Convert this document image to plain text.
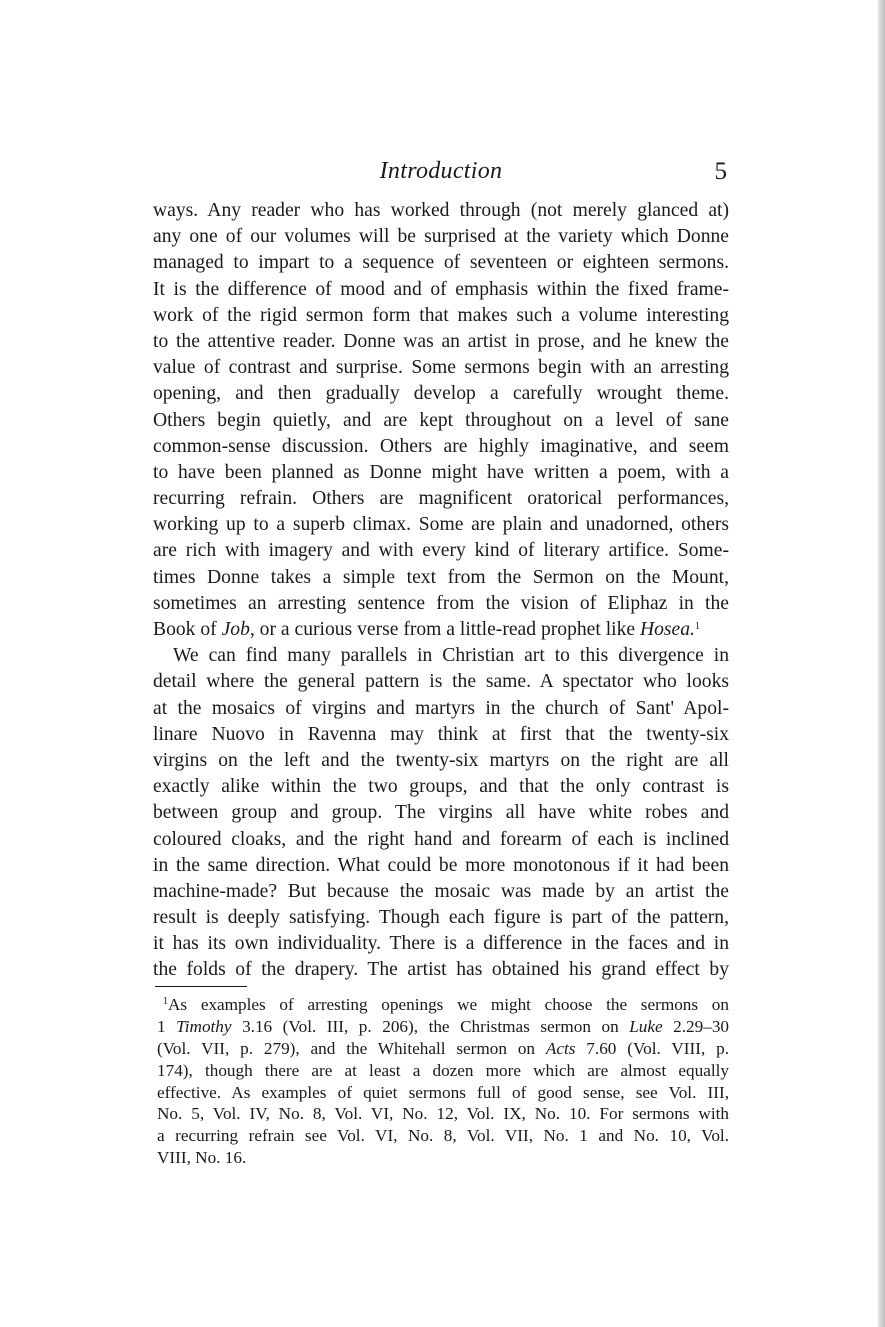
Introduction	5
ways. Any reader who has worked through (not merely glanced at)
any one of our volumes will be surprised at the variety which Donne
managed to impart to a sequence of seventeen or eighteen sermons.
It is the difference of mood and of emphasis within the fixed frame-
work of the rigid sermon form that makes such a volume interesting
to the attentive reader. Donne was an artist in prose, and he knew the
value of contrast and surprise. Some sermons begin with an arresting
opening, and then gradually develop a carefully wrought theme.
Others begin quietly, and are kept throughout on a level of sane
common-sense discussion. Others are highly imaginative, and seem
to have been planned as Donne might have written a poem, with a
recurring refrain. Others are magnificent oratorical performances,
working up to a superb climax. Some are plain and unadorned, others
are rich with imagery and with every kind of literary artifice. Some-
times Donne takes a simple text from the Sermon on the Mount,
sometimes an arresting sentence from the vision of Eliphaz in the
Book of Job, or a curious verse from a little-read prophet like Hosea.$^1$
We can find many parallels in Christian art to this divergence in
detail where the general pattern is the same. A spectator who looks
at the mosaics of virgins and martyrs in the church of Sant' Apol-
linare Nuovo in Ravenna may think at first that the twenty-six
virgins on the left and the twenty-six martyrs on the right are all
exactly alike within the two groups, and that the only contrast is
between group and group. The virgins all have white robes and
coloured cloaks, and the right hand and forearm of each is inclined
in the same direction. What could be more monotonous if it had been
machine-made? But because the mosaic was made by an artist the
result is deeply satisfying. Though each figure is part of the pattern,
it has its own individuality. There is a difference in the faces and in
the folds of the drapery. The artist has obtained his grand effect by
$^1$As examples of arresting openings we might choose the sermons on
1 Timothy 3.16 (Vol. III, p. 206), the Christmas sermon on Luke 2.29–30
(Vol. VII, p. 279), and the Whitehall sermon on Acts 7.60 (Vol. VIII, p.
174), though there are at least a dozen more which are almost equally
effective. As examples of quiet sermons full of good sense, see Vol. III,
No. 5, Vol. IV, No. 8, Vol. VI, No. 12, Vol. IX, No. 10. For sermons with
a recurring refrain see Vol. VI, No. 8, Vol. VII, No. 1 and No. 10, Vol.
VIII, No. 16.
